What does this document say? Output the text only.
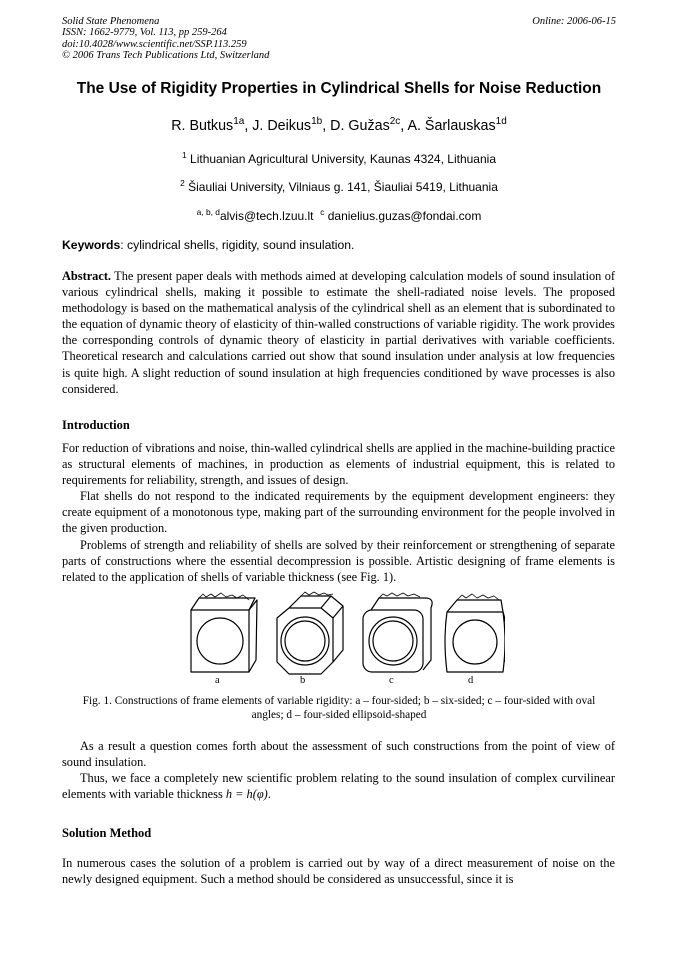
Solid State Phenomena
ISSN: 1662-9779, Vol. 113, pp 259-264
doi:10.4028/www.scientific.net/SSP.113.259
© 2006 Trans Tech Publications Ltd, Switzerland
Online: 2006-06-15
The Use of Rigidity Properties in Cylindrical Shells for Noise Reduction
R. Butkus$^{1a}$, J. Deikus$^{1b}$, D. Gužas$^{2c}$, A. Šarlauskas$^{1d}$
$^1$ Lithuanian Agricultural University, Kaunas 4324, Lithuania
$^2$ Šiauliai University, Vilniaus g. 141, Šiauliai 5419, Lithuania
$^{a, b, d}$alvis@tech.lzuu.lt $^c$ danielius.guzas@fondai.com
Keywords: cylindrical shells, rigidity, sound insulation.
Abstract. The present paper deals with methods aimed at developing calculation models of sound insulation of various cylindrical shells, making it possible to estimate the shell-radiated noise levels. The proposed methodology is based on the mathematical analysis of the cylindrical shell as an element that is subordinated to the equation of dynamic theory of elasticity of thin-walled constructions of variable rigidity. The work provides the corresponding controls of dynamic theory of elasticity in partial derivatives with variable coefficients. Theoretical research and calculations carried out show that sound insulation under analysis at low frequencies is quite high. A slight reduction of sound insulation at high frequencies conditioned by wave processes is also considered.
Introduction
For reduction of vibrations and noise, thin-walled cylindrical shells are applied in the machine-building practice as structural elements of machines, in production as elements of industrial equipment, this is related to requirements for reliability, strength, and issues of design.
Flat shells do not respond to the indicated requirements by the equipment development engineers: they create equipment of a monotonous type, making part of the surrounding environment for the people involved in the given production.
Problems of strength and reliability of shells are solved by their reinforcement or strengthening of separate parts of constructions where the essential decompression is possible. Artistic designing of frame elements is related to the application of shells of variable thickness (see Fig. 1).
a	b	c	d
Fig. 1. Constructions of frame elements of variable rigidity: a – four-sided; b – six-sided; c – four-sided with oval angles; d – four-sided ellipsoid-shaped
As a result a question comes forth about the assessment of such constructions from the point of view of sound insulation.
Thus, we face a completely new scientific problem relating to the sound insulation of complex curvilinear elements with variable thickness h = h(φ).
Solution Method
In numerous cases the solution of a problem is carried out by way of a direct measurement of noise on the newly designed equipment. Such a method should be considered as unsuccessful, since it is
